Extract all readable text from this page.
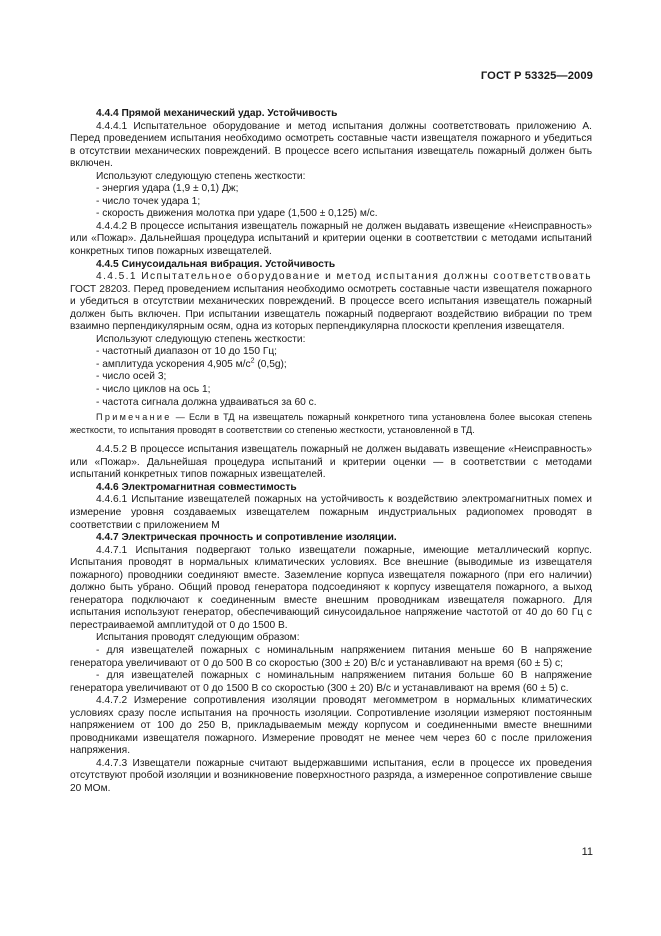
ГОСТ Р 53325—2009

4.4.4 Прямой механический удар. Устойчивость

4.4.4.1 Испытательное оборудование и метод испытания должны соответствовать приложению А. Перед проведением испытания необходимо осмотреть составные части извещателя пожарного и убедиться в отсутствии механических повреждений. В процессе всего испытания извещатель пожарный должен быть включен.

Используют следующую степень жесткости:

- энергия удара (1,9 ± 0,1) Дж;

- число точек удара 1;

- скорость движения молотка при ударе (1,500 ± 0,125) м/с.

4.4.4.2 В процессе испытания извещатель пожарный не должен выдавать извещение «Неисправность» или «Пожар». Дальнейшая процедура испытаний и критерии оценки в соответствии с методами испытаний конкретных типов пожарных извещателей.

4.4.5 Синусоидальная вибрация. Устойчивость

4.4.5.1 Испытательное оборудование и метод испытания должны соответствовать ГОСТ 28203. Перед проведением испытания необходимо осмотреть составные части извещателя пожарного и убедиться в отсутствии механических повреждений. В процессе всего испытания извещатель пожарный должен быть включен. При испытании извещатель пожарный подвергают воздействию вибрации по трем взаимно перпендикулярным осям, одна из которых перпендикулярна плоскости крепления извещателя.

Используют следующую степень жесткости:

- частотный диапазон от 10 до 150 Гц;

- амплитуда ускорения 4,905 $м/с^2$ (0,5g);

- число осей 3;

- число циклов на ось 1;

- частота сигнала должна удваиваться за 60 с.

Примечание — Если в ТД на извещатель пожарный конкретного типа установлена более высокая степень жесткости, то испытания проводят в соответствии со степенью жесткости, установленной в ТД.

4.4.5.2 В процессе испытания извещатель пожарный не должен выдавать извещение «Неисправность» или «Пожар». Дальнейшая процедура испытаний и критерии оценки — в соответствии с методами испытаний конкретных типов пожарных извещателей.

4.4.6 Электромагнитная совместимость

4.4.6.1 Испытание извещателей пожарных на устойчивость к воздействию электромагнитных помех и измерение уровня создаваемых извещателем пожарным индустриальных радиопомех проводят в соответствии с приложением М

4.4.7 Электрическая прочность и сопротивление изоляции.

4.4.7.1 Испытания подвергают только извещатели пожарные, имеющие металлический корпус. Испытания проводят в нормальных климатических условиях. Все внешние (выводимые из извещателя пожарного) проводники соединяют вместе. Заземление корпуса извещателя пожарного (при его наличии) должно быть убрано. Общий провод генератора подсоединяют к корпусу извещателя пожарного, а выход генератора подключают к соединенным вместе внешним проводникам извещателя пожарного. Для испытания используют генератор, обеспечивающий синусоидальное напряжение частотой от 40 до 60 Гц с перестраиваемой амплитудой от 0 до 1500 В.

Испытания проводят следующим образом:

- для извещателей пожарных с номинальным напряжением питания меньше 60 В напряжение генератора увеличивают от 0 до 500 В со скоростью (300 ± 20) В/с и устанавливают на время (60 ± 5) с;

- для извещателей пожарных с номинальным напряжением питания больше 60 В напряжение генератора увеличивают от 0 до 1500 В со скоростью (300 ± 20) В/с и устанавливают на время (60 ± 5) с.

4.4.7.2 Измерение сопротивления изоляции проводят мегомметром в нормальных климатических условиях сразу после испытания на прочность изоляции. Сопротивление изоляции измеряют постоянным напряжением от 100 до 250 В, прикладываемым между корпусом и соединенными вместе внешними проводниками извещателя пожарного. Измерение проводят не менее чем через 60 с после приложения напряжения.

4.4.7.3 Извещатели пожарные считают выдержавшими испытания, если в процессе их проведения отсутствуют пробой изоляции и возникновение поверхностного разряда, а измеренное сопротивление свыше 20 МОм.

11
